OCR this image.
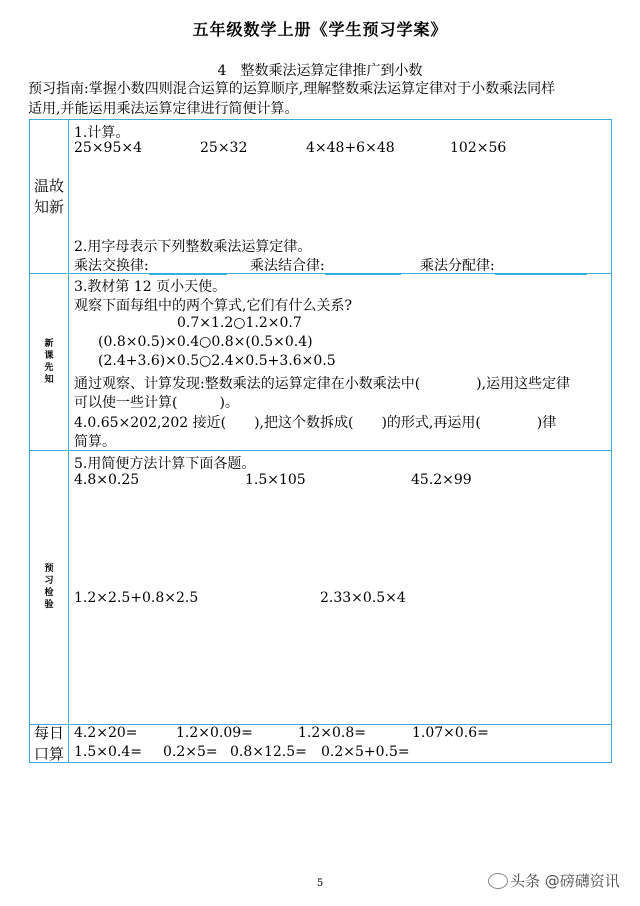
五年级数学上册《学生预习学案》
4　整数乘法运算定律推广到小数
预习指南:掌握小数四则混合运算的运算顺序,理解整数乘法运算定律对于小数乘法同样
适用,并能运用乘法运算定律进行简便计算。
温故知新
1.计算。
25×95×4	25×32	4×48+6×48	102×56
2.用字母表示下列整数乘法运算定律。
乘法交换律:	乘法结合律:	乘法分配律:
新课先知
3.教材第 12 页小天使。
观察下面每组中的两个算式,它们有什么关系?
0.7×1.2○1.2×0.7
(0.8×0.5)×0.4○0.8×(0.5×0.4)
(2.4+3.6)×0.5○2.4×0.5+3.6×0.5
通过观察、计算发现:整数乘法的运算定律在小数乘法中(　　　　),运用这些定律
可以使一些计算(　　　)。
4.0.65×202,202 接近(　　),把这个数拆成(　　)的形式,再运用(　　　　)律
简算。
预习检验
5.用简便方法计算下面各题。
4.8×0.25	1.5×105	45.2×99
1.2×2.5+0.8×2.5	2.33×0.5×4
每日口算
4.2×20=	1.2×0.09=	1.2×0.8=	1.07×0.6=
1.5×0.4= 0.2×5= 0.8×12.5= 0.2×5+0.5=
5	头条 @磅礴资讯
